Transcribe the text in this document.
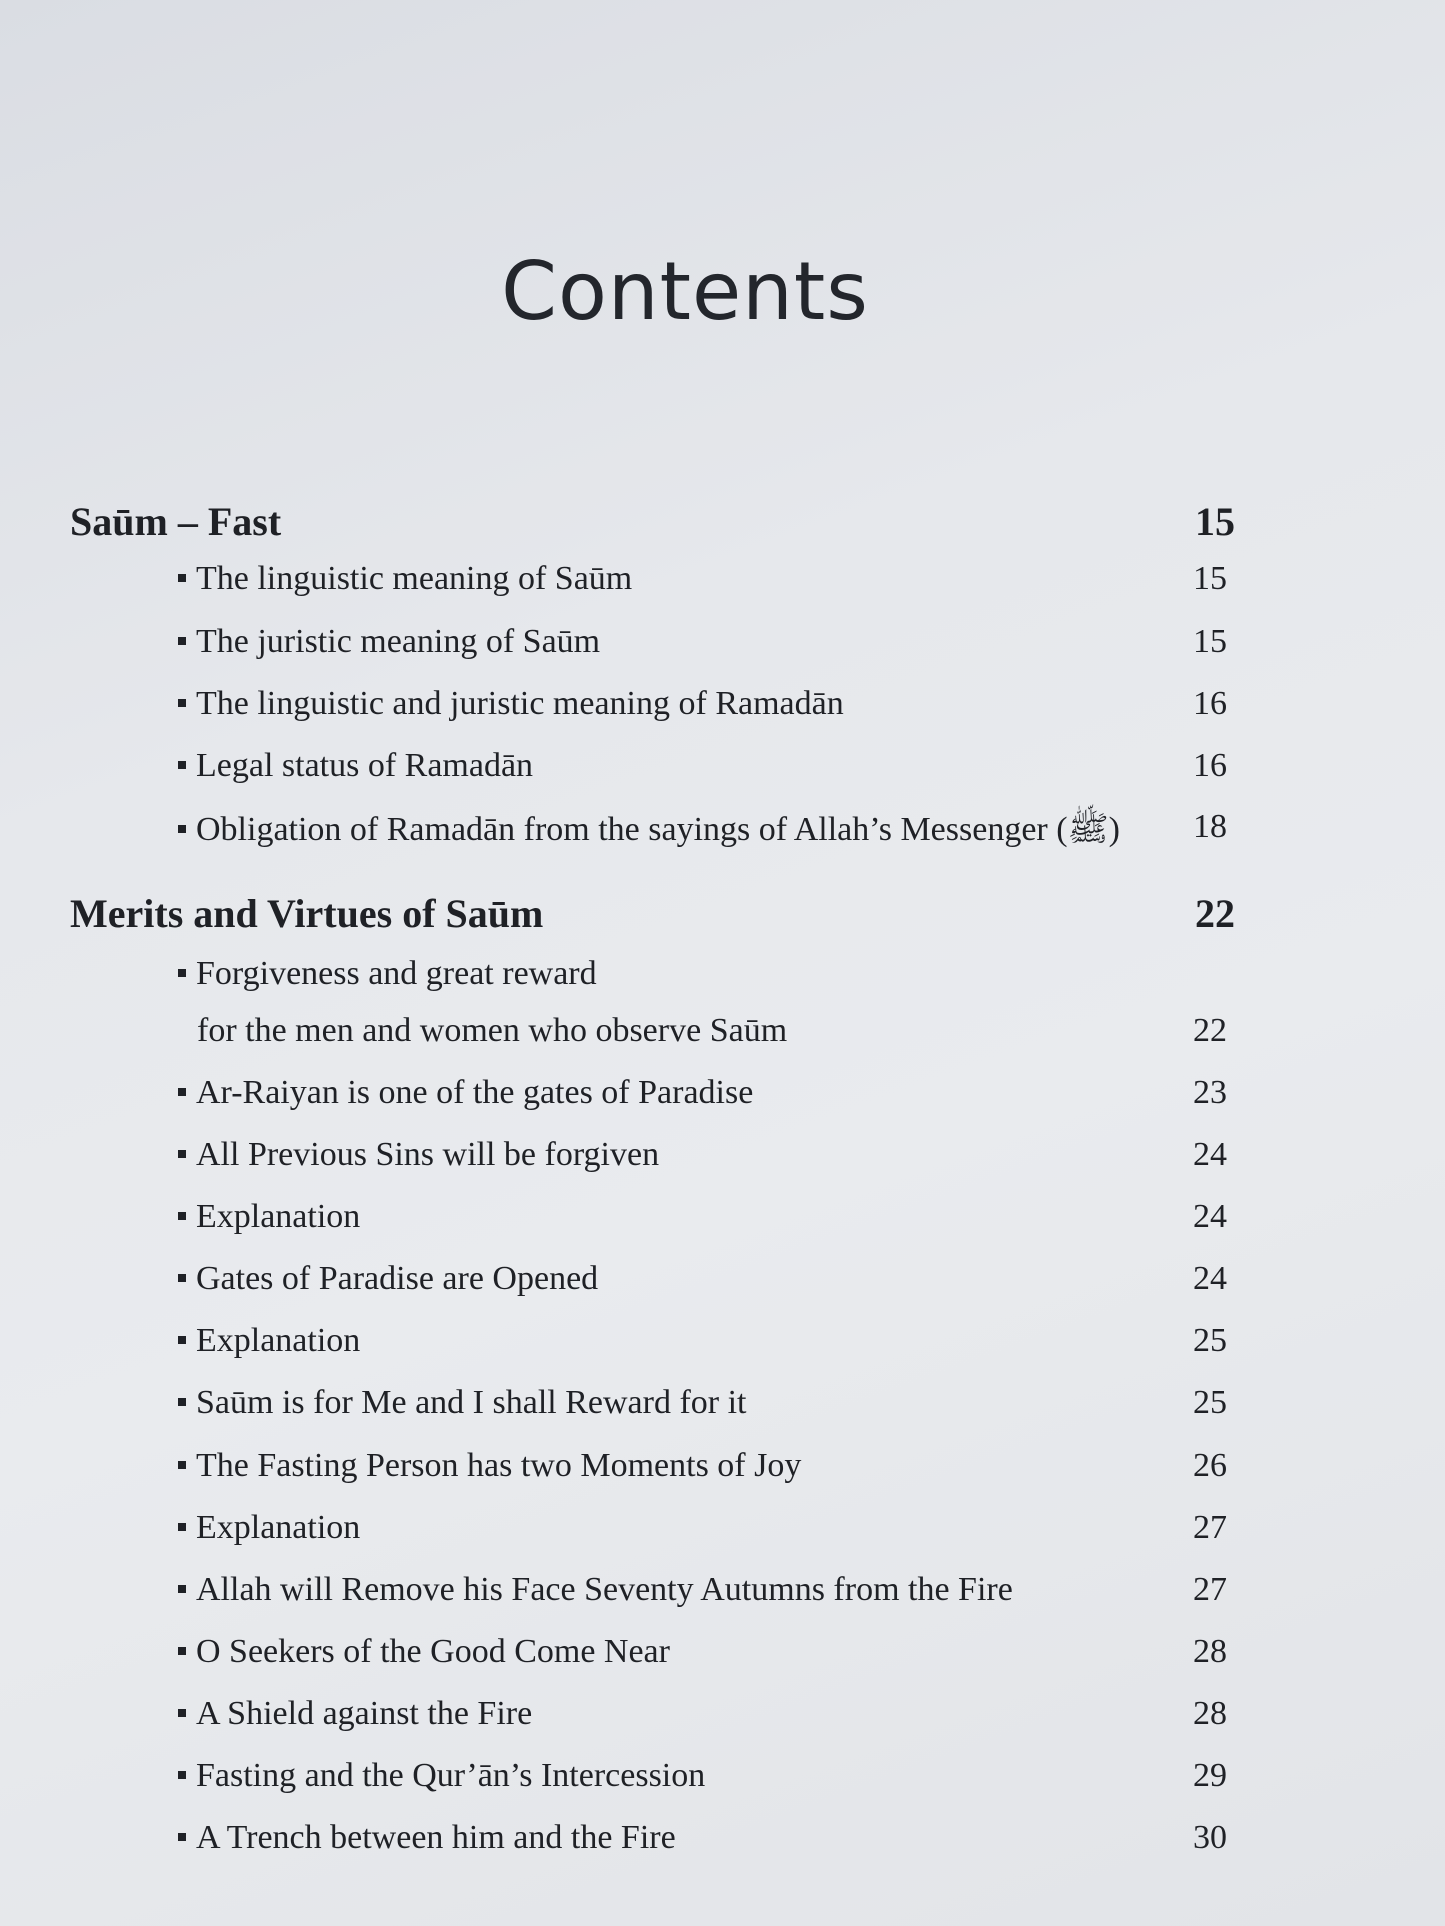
Contents
Saūm – Fast	15
The linguistic meaning of Saūm	15
The juristic meaning of Saūm	15
The linguistic and juristic meaning of Ramadān	16
Legal status of Ramadān	16
Obligation of Ramadān from the sayings of Allah’s Messenger (ﷺ) 18
Merits and Virtues of Saūm	22
Forgiveness and great reward
for the men and women who observe Saūm	22
Ar-Raiyan is one of the gates of Paradise	23
All Previous Sins will be forgiven	24
Explanation	24
Gates of Paradise are Opened	24
Explanation	25
Saūm is for Me and I shall Reward for it	25
The Fasting Person has two Moments of Joy	26
Explanation	27
Allah will Remove his Face Seventy Autumns from the Fire	27
O Seekers of the Good Come Near	28
A Shield against the Fire	28
Fasting and the Qur’ān’s Intercession	29
A Trench between him and the Fire	30
